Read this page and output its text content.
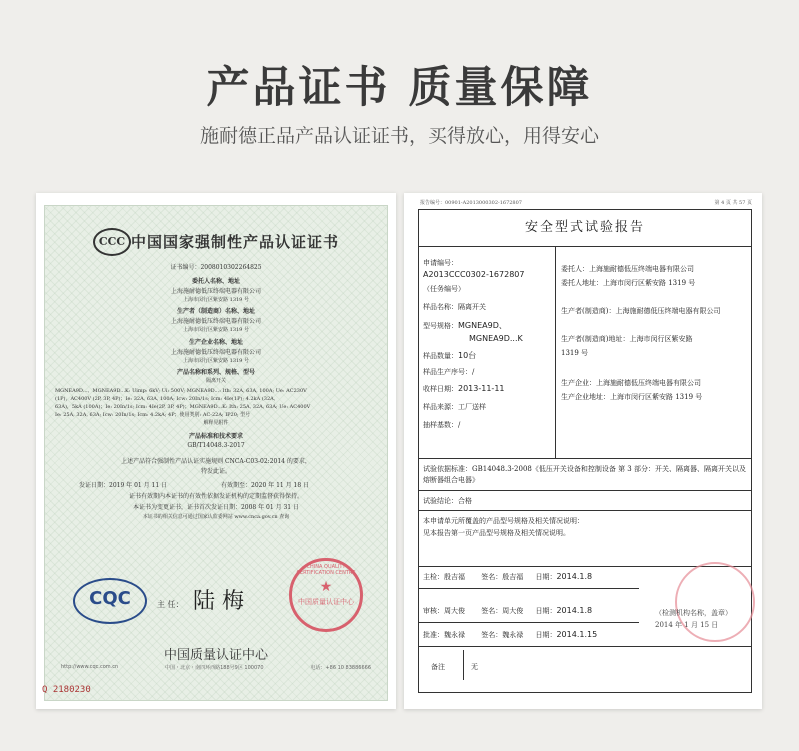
产品证书 质量保障
施耐德正品产品认证证书，买得放心，用得安心
CCC 中国国家强制性产品认证证书
证书编号：2008010302264825
委托人名称、地址
上海施耐德低压终端电器有限公司
上海市闵行区紫安路 1319 号
生产者（制造商）名称、地址
上海施耐德低压终端电器有限公司
上海市闵行区紫安路 1319 号
生产企业名称、地址
上海施耐德低压终端电器有限公司
上海市闵行区紫安路 1319 号
产品名称和系列、规格、型号
隔离开关
MGNEA9D...、MGNEA9D...K: Uimp: 6kV; Ui: 500V; MGNEA9D...: Ith: 32A, 63A, 100A; Ue: AC230V
(1P)，AC400V (2P, 3P, 4P)；Ie: 32A, 63A, 100A; Icw: 20In/1s; Icm: 4Ie(1P); 4.2kA (32A,
63A)，5kA (100A)；Ie: 20In/1s; Icm: 4Ie(2P, 3P, 4P)；MGNEA9D...K: Ith: 25A, 32A, 63A; Ue: AC400V
Ie: 25A, 32A, 63A; Icw: 20In/1s; Icm: 4.2kA; 4P；使用类别: AC-22A; IP20; 型号
解释见附件
产品标准和技术要求
GB/T14048.3-2017
上述产品符合强制性产品认证实施规则 CNCA-C03-02:2014 的要求，
特发此证。
发证日期：2019 年 01 月 11 日	有效期至：2020 年 11 月 18 日
证书有效期内本证书的有效性依据发证机构的定期监督获得保持。
本证书为变更证书，证书首次发证日期：2008 年 01 月 31 日
本证书的相关信息可通过国家认监委网站 www.cnca.gov.cn 查询
CQC	主 任： 陆 梅
CHINA QUALITY CERTIFICATION CENTRE
★
中国质量认证中心
中国质量认证中心
http://www.cqc.com.cn	中国・北京・南四环西路188号9区 100070	电话：+86 10 83886666
Q 2180230
报告编号：00901-A2013000302-1672807	第 4 页 共 57 页
安全型式试验报告
申请编号：
A2013CCC0302-1672807
（任务编号）
样品名称：隔离开关
型号规格：MGNEA9D、
MGNEA9D...K
样品数量：10台
样品生产序号：/
收样日期：2013-11-11
样品来源：工厂送样
抽样基数：/
委托人：上海施耐德低压终端电器有限公司
委托人地址：上海市闵行区紫安路 1319 号
生产者(制造商)：上海施耐德低压终端电器有限公司
生产者(制造商)地址：上海市闵行区紫安路
1319 号
生产企业：上海施耐德低压终端电器有限公司
生产企业地址：上海市闵行区紫安路 1319 号
试验依据标准：GB14048.3-2008《低压开关设备和控制设备 第 3 部分：开关、隔离器、隔离开关以及熔断器组合电器》
试验结论：合格
本申请单元所覆盖的产品型号规格及相关情况说明：
见本报告第一页产品型号规格及相关情况说明。
主检：殷吉福 签名：殷吉福 日期：2014.1.8
审核：周大俊 签名：周大俊 日期：2014.1.8
批准：魏永禄 签名：魏永禄 日期：2014.1.15
（检测机构名称，盖章）
2014 年 1 月 15 日
备注	无
